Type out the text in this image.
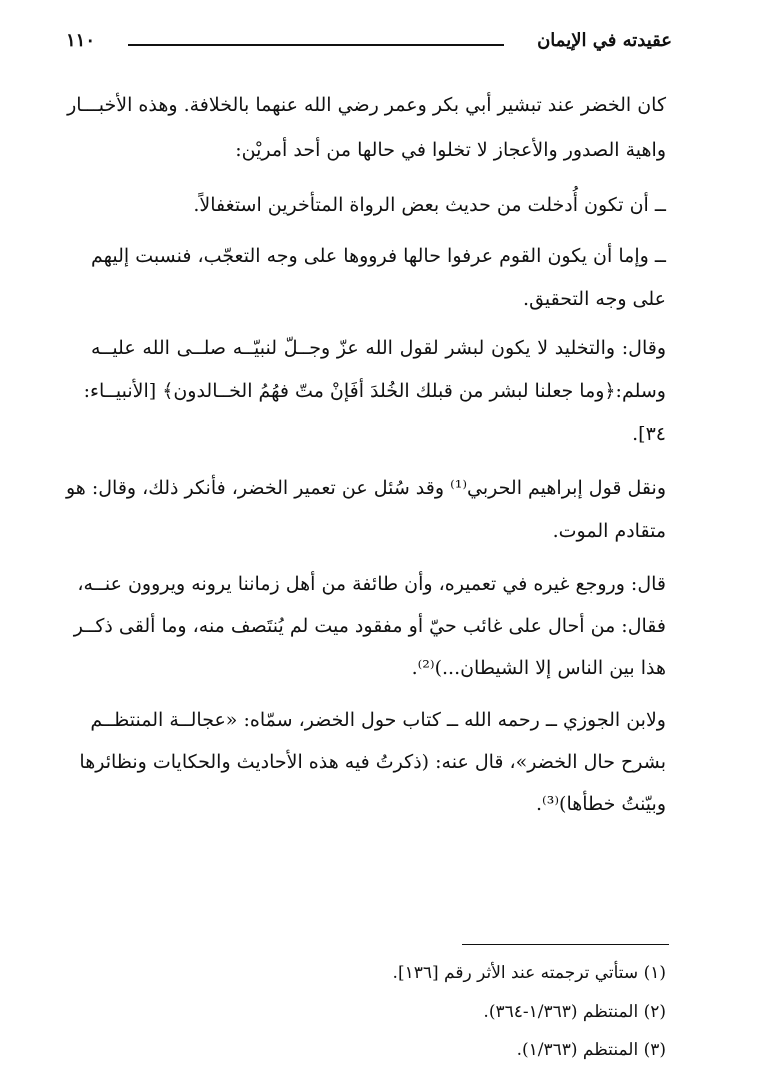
١١٠	عقيدته في الإيمان
كان الخضر عند تبشير أبي بكر وعمر رضي الله عنهما بالخلافة. وهذه الأخبـــار
واهية الصدور والأعجاز لا تخلوا في حالها من أحد أمريْن:
ــ أن تكون أُدخلت من حديث بعض الرواة المتأخرين استغفالاً.
ــ وإما أن يكون القوم عرفوا حالها فرووها على وجه التعجّب، فنسبت إليهم
على وجه التحقيق.
وقال: والتخليد لا يكون لبشر لقول الله عزّ وجــلّ لنبيّــه صلــى الله عليــه
وسلم:﴿وما جعلنا لبشر من قبلك الخُلدَ أفَإنْ متّ فهُمُ الخــالدون﴾ [الأنبيــاء:
٣٤].
ونقل قول إبراهيم الحربي⁽¹⁾ وقد سُئل عن تعمير الخضر، فأنكر ذلك، وقال: هو
متقادم الموت.
قال: وروجع غيره في تعميره، وأن طائفة من أهل زماننا يرونه ويروون عنــه،
فقال: من أحال على غائب حيّ أو مفقود ميت لم يُنتَصف منه، وما ألقى ذكــر
هذا بين الناس إلا الشيطان...)⁽²⁾.
ولابن الجوزي ــ رحمه الله ــ كتاب حول الخضر، سمّاه: «عجالــة المنتظــم
بشرح حال الخضر»، قال عنه: (ذكرتُ فيه هذه الأحاديث والحكايات ونظائرها
وبيّنتُ خطأها)⁽³⁾.
(١) ستأتي ترجمته عند الأثر رقم [١٣٦].
(٢) المنتظم (١/٣٦٣-٣٦٤).
(٣) المنتظم (١/٣٦٣).
